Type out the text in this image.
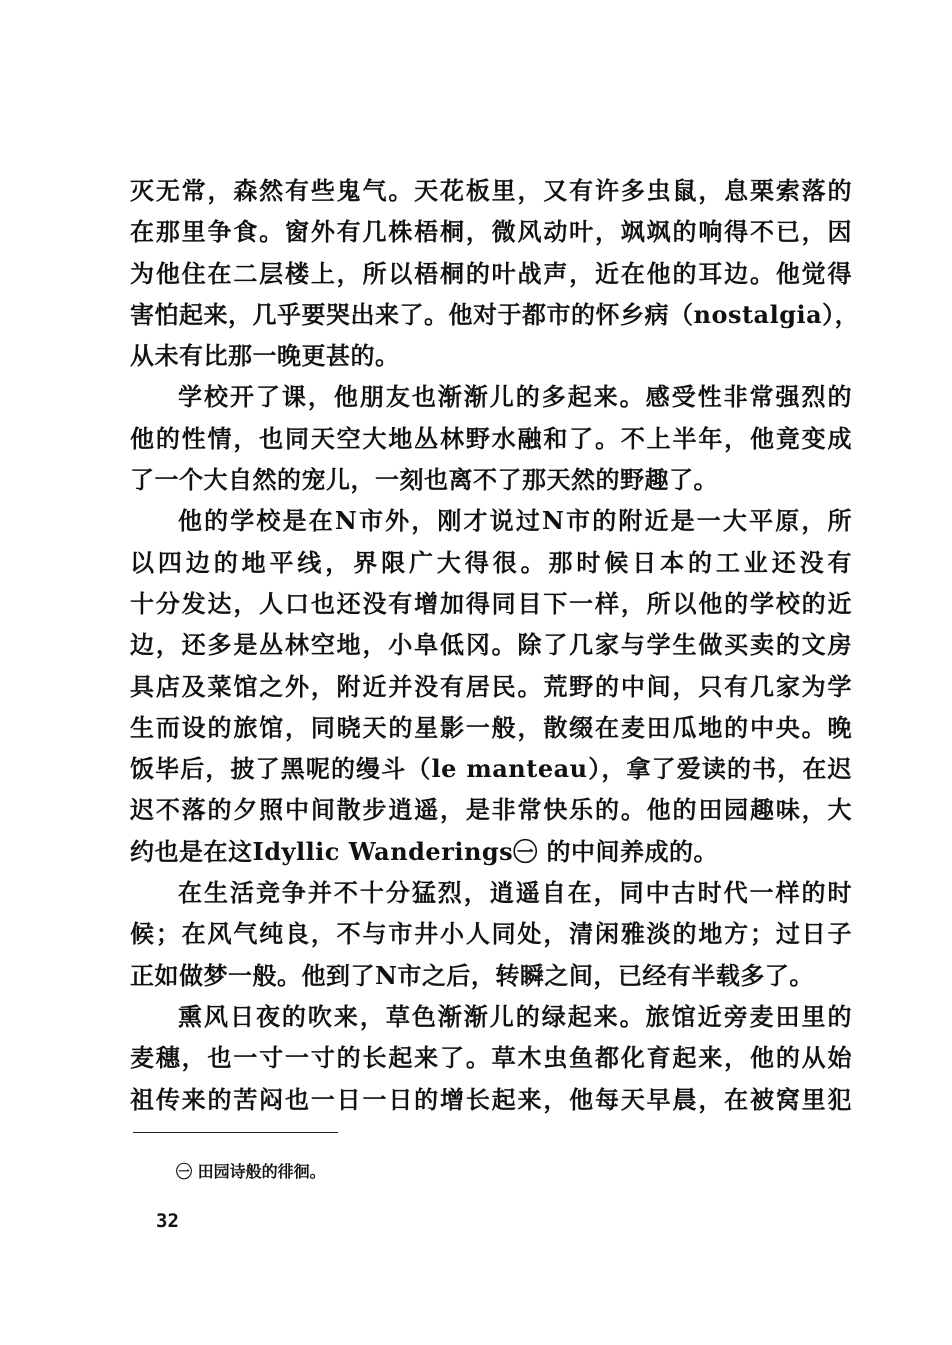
灭无常，森然有些鬼气。天花板里，又有许多虫鼠，息栗索落的
在那里争食。窗外有几株梧桐，微风动叶，飒飒的响得不已，因
为他住在二层楼上，所以梧桐的叶战声，近在他的耳边。他觉得
害怕起来，几乎要哭出来了。他对于都市的怀乡病（nostalgia），
从未有比那一晚更甚的。
学校开了课，他朋友也渐渐儿的多起来。感受性非常强烈的
他的性情，也同天空大地丛林野水融和了。不上半年，他竟变成
了一个大自然的宠儿，一刻也离不了那天然的野趣了。
他的学校是在N市外，刚才说过N市的附近是一大平原，所
以四边的地平线，界限广大得很。那时候日本的工业还没有
十分发达，人口也还没有增加得同目下一样，所以他的学校的近
边，还多是丛林空地，小阜低冈。除了几家与学生做买卖的文房
具店及菜馆之外，附近并没有居民。荒野的中间，只有几家为学
生而设的旅馆，同晓天的星影一般，散缀在麦田瓜地的中央。晚
饭毕后，披了黑呢的缦斗（le manteau），拿了爱读的书，在迟
迟不落的夕照中间散步逍遥，是非常快乐的。他的田园趣味，大
约也是在这Idyllic Wanderings㊀ 的中间养成的。
在生活竞争并不十分猛烈，逍遥自在，同中古时代一样的时
候；在风气纯良，不与市井小人同处，清闲雅淡的地方；过日子
正如做梦一般。他到了N市之后，转瞬之间，已经有半载多了。
熏风日夜的吹来，草色渐渐儿的绿起来。旅馆近旁麦田里的
麦穗，也一寸一寸的长起来了。草木虫鱼都化育起来，他的从始
祖传来的苦闷也一日一日的增长起来，他每天早晨，在被窝里犯
㊀ 田园诗般的徘徊。
32
